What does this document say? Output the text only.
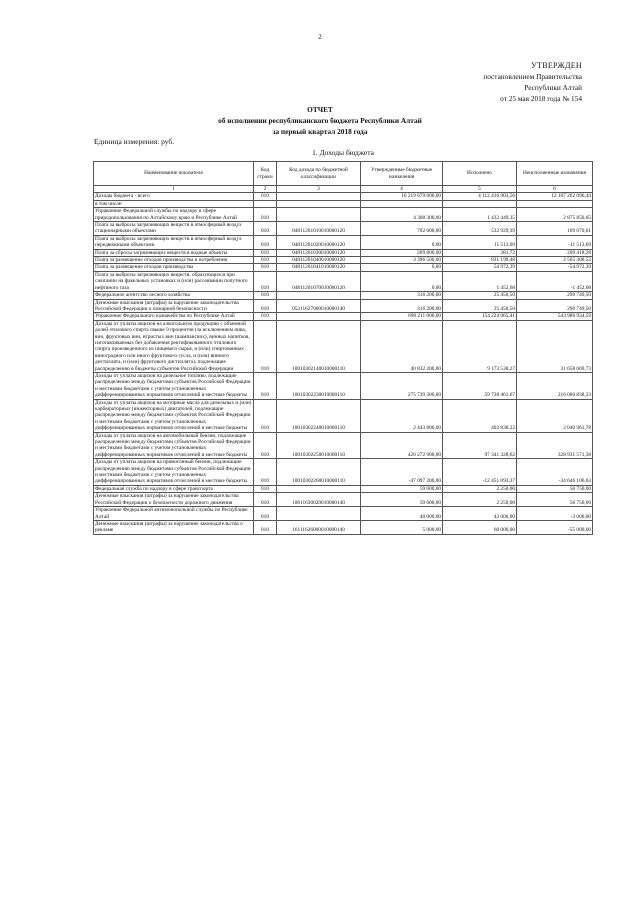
2
УТВЕРЖДЕН
постановлением Правительства
Республики Алтай
от 25 мая 2018 года № 154
ОТЧЕТ
об исполнении республиканского бюджета Республики Алтай
за первый квартал 2018 года
Единица измерения: руб.
1. Доходы бюджета
Наименование показателя	Код строки	Код дохода по бюджетной классификации	Утвержденные бюджетные назначения	Исполнено	Неисполненные назначения
1	2	3	4	5	6
Доходы бюджета - всего	010		16 219 679 000,00	4 112 416 903,56	12 107 262 096,44
в том числе:					
Управление Федеральной службы по надзору в сфере природопользования по Алтайскому краю и Республике Алтай	010		4 308 300,00	1 432 449,35	2 875 850,65
Плата за выбросы загрязняющих веществ в атмосферный воздух стационарными объектами	010	04811201010010000120	702 000,00	532 929,39	169 070,61
Плата за выбросы загрязняющих веществ в атмосферный воздух передвижными объектами	010	04811201020010000120	0,00	11 513,69	-11 513,69
Плата за сбросы загрязняющих веществ в водные объекты	010	04811201030010000120	209 800,00	381,72	209 418,28
Плата за размещение отходов производства и потребления	010	04811201040010000120	3 396 500,00	831 199,48	2 565 300,52
Плата за размещение отходов производства	010	04811201041010000120	0,00	54 972,39	-54 972,39
Плата за выбросы загрязняющих веществ, образующихся при сжигании на факельных установках и (или) рассеивании попутного нефтяного газа	010	04811201070010000120	0,00	1 452,68	-1 452,68
Федеральное агентство лесного хозяйства	010		316 200,00	25 450,50	290 749,50
Денежные взыскания (штрафы) за нарушение законодательства Российской Федерации о пожарной безопасности	010	05311627000010000140	316 200,00	25 450,50	290 749,50
Управление Федерального казначейства по Республике Алтай	010		698 211 000,00	154 224 065,41	543 986 934,59
Доходы от уплаты акцизов на алкогольную продукцию с объемной долей этилового спирта свыше 9 процентов (за исключением пива, вин, фруктовых вин, игристых вин (шампанских), винных напитков, изготавливаемых без добавления ректификованного этилового спирта произведенного из пищевого сырья, и (или) спиртованных виноградного или иного фруктового сусла, и (или) винного дистиллята, и (или) фруктового дистиллята), подлежащие распределению в бюджеты субъектов Российской Федерации	010	10010302140010000110	40 832 200,00	9 173 530,27	31 658 669,73
Доходы от уплаты акцизов на дизельное топливо, подлежащие распределению между бюджетами субъектов Российской Федерации и местными бюджетами с учетом установленных дифференцированных нормативов отчислений в местные бюджеты	010	10010302230010000110	275 739 300,00	59 738 461,67	216 000 838,33
Доходы от уплаты акцизов на моторные масла для дизельных и (или) карбюраторных (инжекторных) двигателей, подлежащие распределению между бюджетами субъектов Российской Федерации и местными бюджетами с учетом установленных дифференцированных нормативов отчислений в местные бюджеты	010	10010302240010000110	2 443 800,00	402 838,22	2 040 961,78
Доходы от уплаты акцизов на автомобильный бензин, подлежащие распределению между бюджетами субъектов Российской Федерации и местными бюджетами с учетом установленных дифференцированных нормативов отчислений в местные бюджеты	010	10010302250010000110	426 272 900,00	97 341 328,62	328 931 571,38
Доходы от уплаты акцизов на прямогонный бензин, подлежащие распределению между бюджетами субъектов Российской Федерации и местными бюджетами с учетом установленных дифференцированных нормативов отчислений в местные бюджеты	010	10010302260010000110	-47 097 200,00	-12 451 093,37	-34 646 106,63
Федеральная служба по надзору в сфере транспорта	010		59 000,00	2 250,00	56 750,00
Денежные взыскания (штрафы) за нарушение законодательства Российской Федерации о безопасности дорожного движения	010	10611630020010000140	59 000,00	2 250,00	56 750,00
Управление Федеральной антимонопольной службы по Республике Алтай	010		40 000,00	43 000,00	-3 000,00
Денежные взыскания (штрафы) за нарушение законодательства о рекламе	010	16111626000010000140	5 000,00	60 000,00	-55 000,00
